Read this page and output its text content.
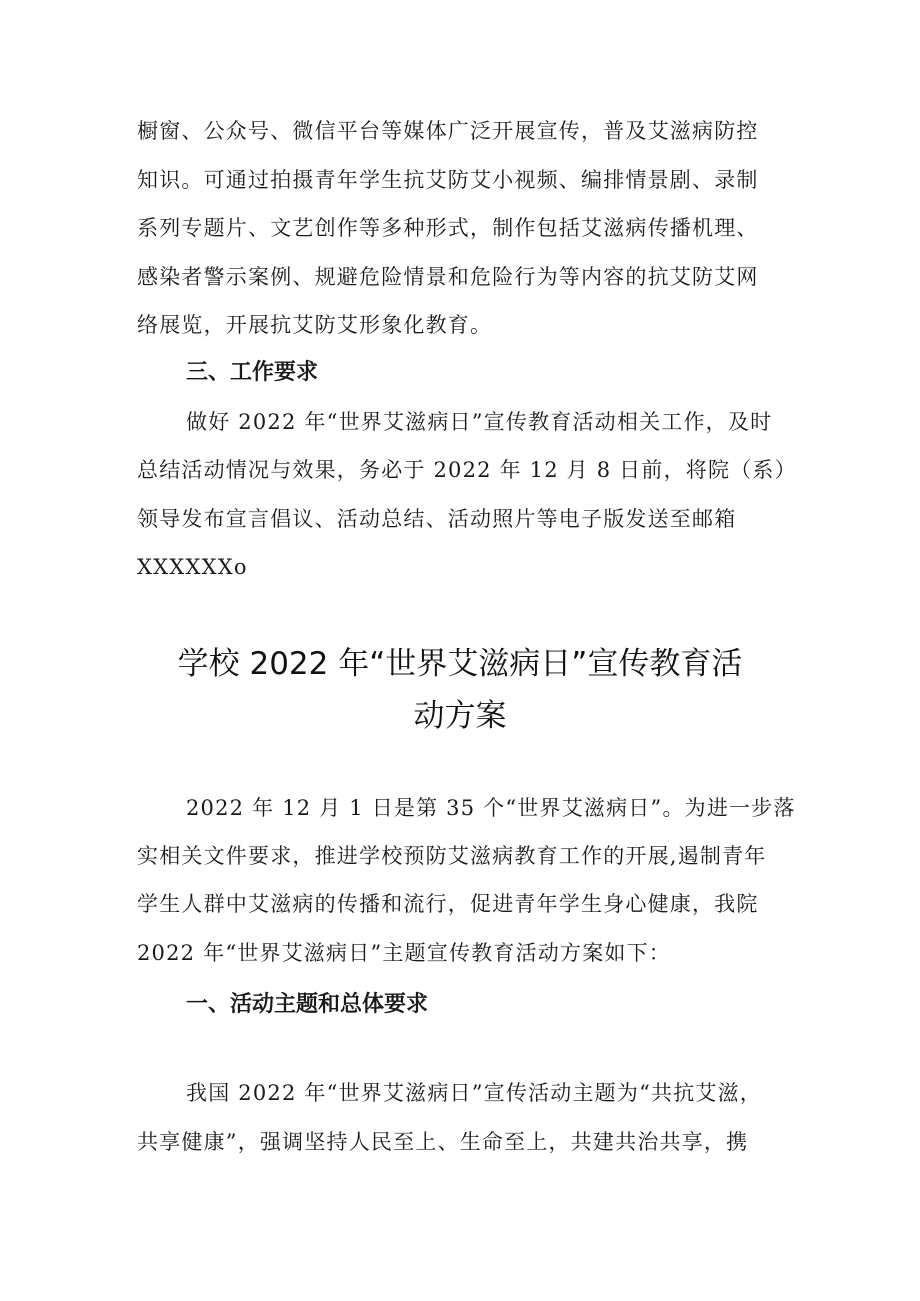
橱窗、公众号、微信平台等媒体广泛开展宣传，普及艾滋病防控
知识。可通过拍摄青年学生抗艾防艾小视频、编排情景剧、录制
系列专题片、文艺创作等多种形式，制作包括艾滋病传播机理、
感染者警示案例、规避危险情景和危险行为等内容的抗艾防艾网
络展览，开展抗艾防艾形象化教育。
三、工作要求
做好 2022 年“世界艾滋病日”宣传教育活动相关工作，及时
总结活动情况与效果，务必于 2022 年 12 月 8 日前，将院（系）
领导发布宣言倡议、活动总结、活动照片等电子版发送至邮箱
XXXXXXo
学校 2022 年“世界艾滋病日”宣传教育活
动方案
2022 年 12 月 1 日是第 35 个“世界艾滋病日”。为进一步落
实相关文件要求，推进学校预防艾滋病教育工作的开展,遏制青年
学生人群中艾滋病的传播和流行，促进青年学生身心健康，我院
2022 年“世界艾滋病日”主题宣传教育活动方案如下：
一、活动主题和总体要求
我国 2022 年“世界艾滋病日”宣传活动主题为“共抗艾滋，
共享健康”，强调坚持人民至上、生命至上，共建共治共享，携
